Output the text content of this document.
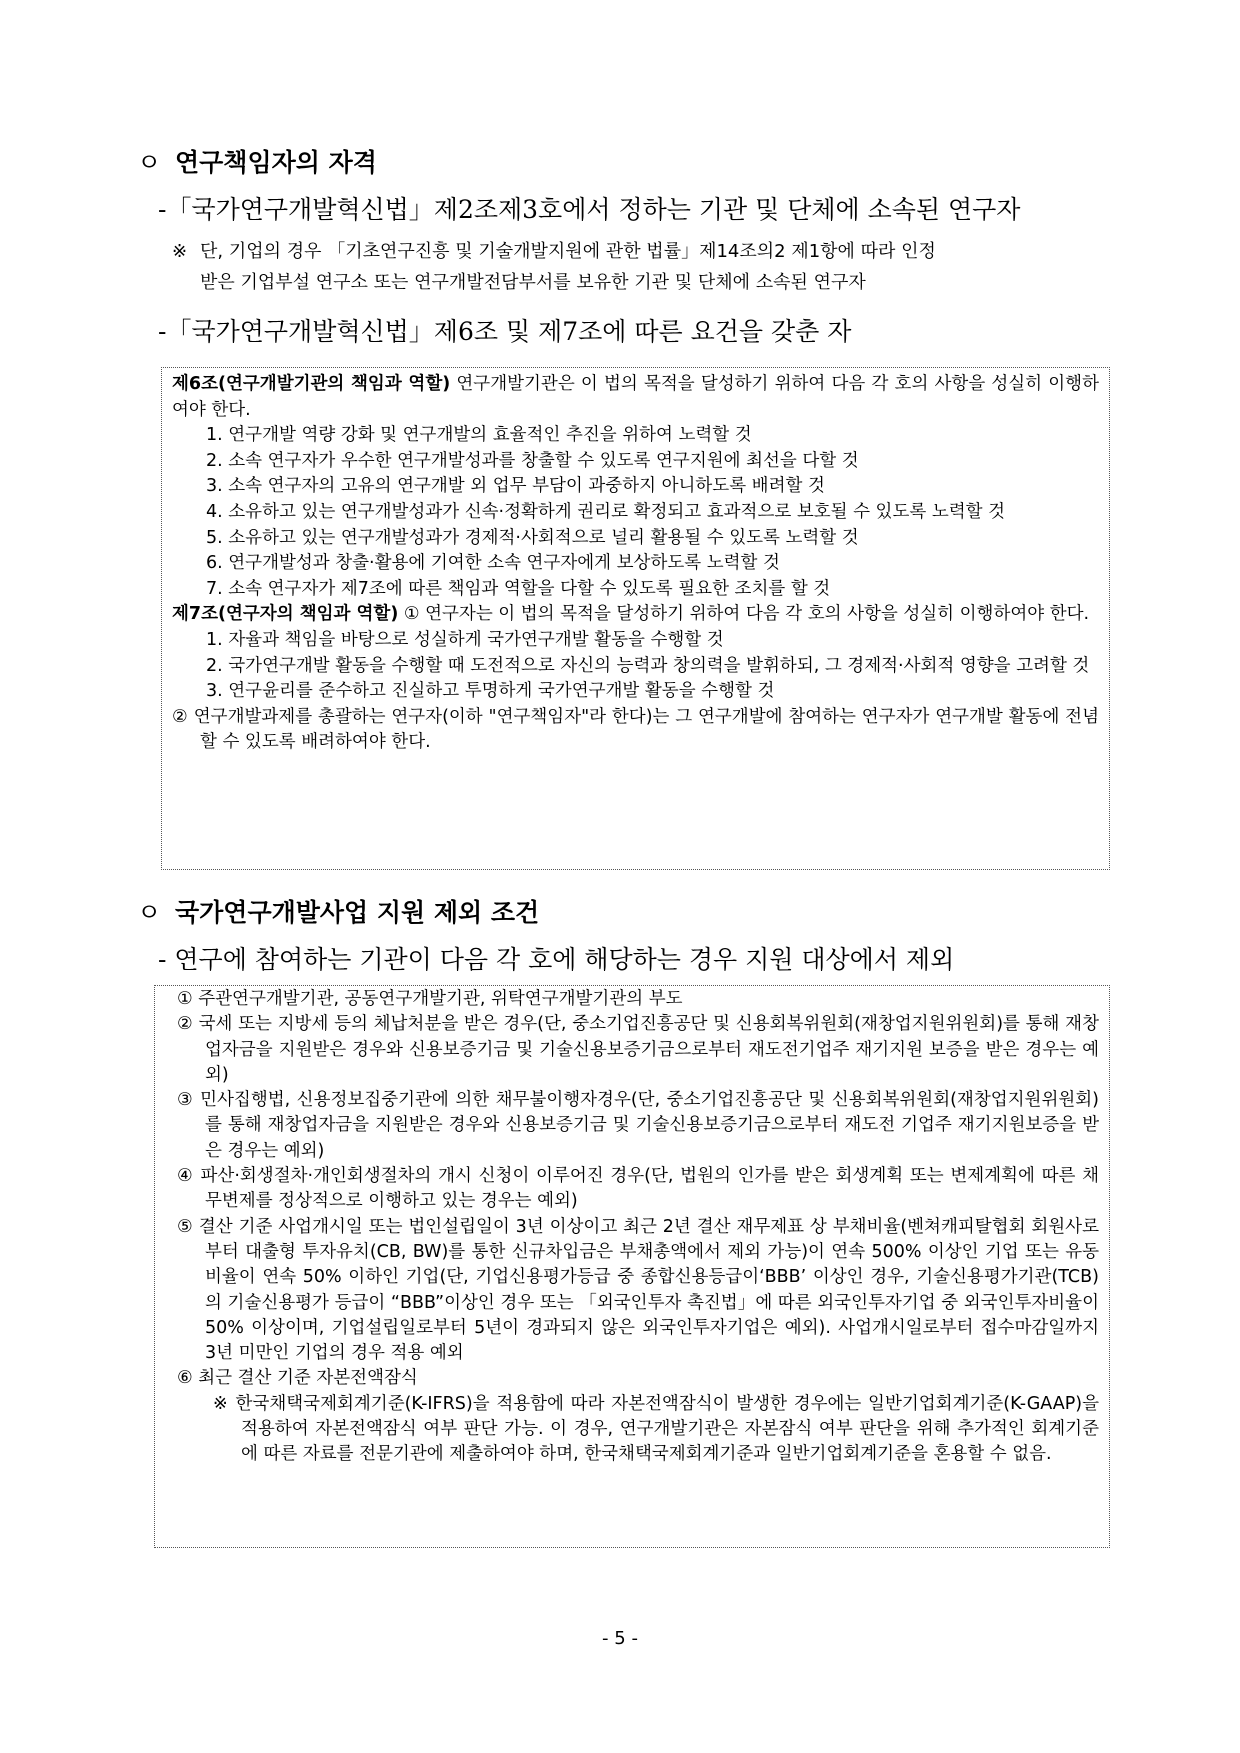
ㅇ 연구책임자의 자격
-「국가연구개발혁신법」제2조제3호에서 정하는 기관 및 단체에 소속된 연구자
※ 단, 기업의 경우 「기초연구진흥 및 기술개발지원에 관한 법률」제14조의2 제1항에 따라 인정
받은 기업부설 연구소 또는 연구개발전담부서를 보유한 기관 및 단체에 소속된 연구자
-「국가연구개발혁신법」제6조 및 제7조에 따른 요건을 갖춘 자

제6조(연구개발기관의 책임과 역할) 연구개발기관은 이 법의 목적을 달성하기 위하여 다음 각 호의 사항을 성실히 이행하여야 한다.

1. 연구개발 역량 강화 및 연구개발의 효율적인 추진을 위하여 노력할 것

2. 소속 연구자가 우수한 연구개발성과를 창출할 수 있도록 연구지원에 최선을 다할 것

3. 소속 연구자의 고유의 연구개발 외 업무 부담이 과중하지 아니하도록 배려할 것

4. 소유하고 있는 연구개발성과가 신속·정확하게 권리로 확정되고 효과적으로 보호될 수 있도록 노력할 것

5. 소유하고 있는 연구개발성과가 경제적·사회적으로 널리 활용될 수 있도록 노력할 것

6. 연구개발성과 창출·활용에 기여한 소속 연구자에게 보상하도록 노력할 것

7. 소속 연구자가 제7조에 따른 책임과 역할을 다할 수 있도록 필요한 조치를 할 것

제7조(연구자의 책임과 역할) ① 연구자는 이 법의 목적을 달성하기 위하여 다음 각 호의 사항을 성실히 이행하여야 한다.

1. 자율과 책임을 바탕으로 성실하게 국가연구개발 활동을 수행할 것

2. 국가연구개발 활동을 수행할 때 도전적으로 자신의 능력과 창의력을 발휘하되, 그 경제적·사회적 영향을 고려할 것

3. 연구윤리를 준수하고 진실하고 투명하게 국가연구개발 활동을 수행할 것

② 연구개발과제를 총괄하는 연구자(이하 "연구책임자"라 한다)는 그 연구개발에 참여하는 연구자가 연구개발 활동에 전념할 수 있도록 배려하여야 한다.

ㅇ 국가연구개발사업 지원 제외 조건
- 연구에 참여하는 기관이 다음 각 호에 해당하는 경우 지원 대상에서 제외

① 주관연구개발기관, 공동연구개발기관, 위탁연구개발기관의 부도

② 국세 또는 지방세 등의 체납처분을 받은 경우(단, 중소기업진흥공단 및 신용회복위원회(재창업지원위원회)를 통해 재창업자금을 지원받은 경우와 신용보증기금 및 기술신용보증기금으로부터 재도전기업주 재기지원 보증을 받은 경우는 예외)

③ 민사집행법, 신용정보집중기관에 의한 채무불이행자경우(단, 중소기업진흥공단 및 신용회복위원회(재창업지원위원회)를 통해 재창업자금을 지원받은 경우와 신용보증기금 및 기술신용보증기금으로부터 재도전 기업주 재기지원보증을 받은 경우는 예외)

④ 파산·회생절차·개인회생절차의 개시 신청이 이루어진 경우(단, 법원의 인가를 받은 회생계획 또는 변제계획에 따른 채무변제를 정상적으로 이행하고 있는 경우는 예외)

⑤ 결산 기준 사업개시일 또는 법인설립일이 3년 이상이고 최근 2년 결산 재무제표 상 부채비율(벤쳐캐피탈협회 회원사로부터 대출형 투자유치(CB, BW)를 통한 신규차입금은 부채총액에서 제외 가능)이 연속 500% 이상인 기업 또는 유동비율이 연속 50% 이하인 기업(단, 기업신용평가등급 중 종합신용등급이‘BBB’ 이상인 경우, 기술신용평가기관(TCB)의 기술신용평가 등급이 “BBB”이상인 경우 또는 「외국인투자 촉진법」에 따른 외국인투자기업 중 외국인투자비율이 50% 이상이며, 기업설립일로부터 5년이 경과되지 않은 외국인투자기업은 예외). 사업개시일로부터 접수마감일까지 3년 미만인 기업의 경우 적용 예외

⑥ 최근 결산 기준 자본전액잠식

※ 한국채택국제회계기준(K-IFRS)을 적용함에 따라 자본전액잠식이 발생한 경우에는 일반기업회계기준(K-GAAP)을 적용하여 자본전액잠식 여부 판단 가능. 이 경우, 연구개발기관은 자본잠식 여부 판단을 위해 추가적인 회계기준에 따른 자료를 전문기관에 제출하여야 하며, 한국채택국제회계기준과 일반기업회계기준을 혼용할 수 없음.

- 5 -
